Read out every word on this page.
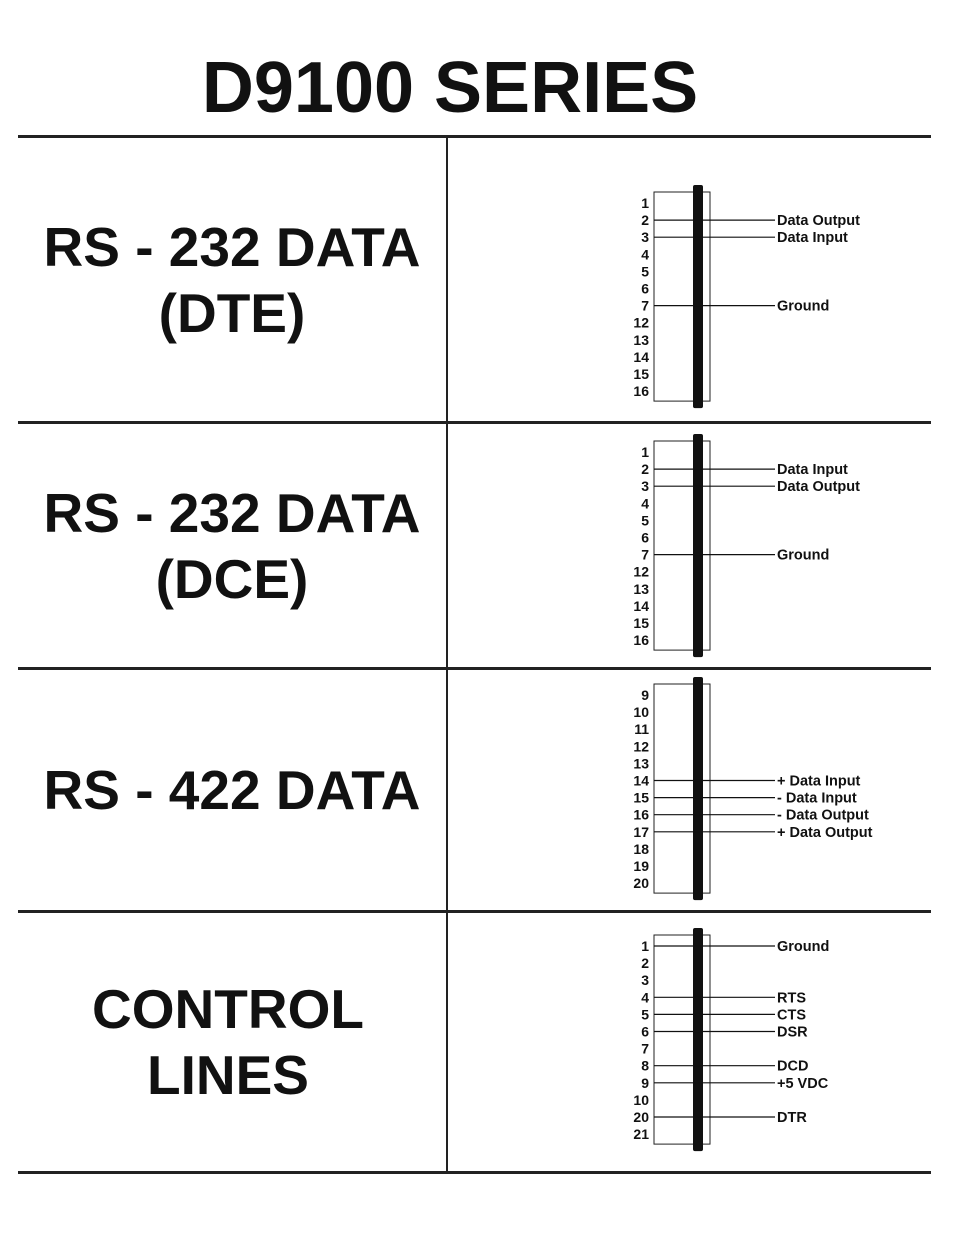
D9100 SERIES
RS - 232 DATA
(DTE)
RS - 232 DATA
(DCE)
RS - 422 DATA
CONTROL
LINES
1
2
3
4
5
6
7
12
13
14
15
16
Data Output
Data Input
Ground
1
2
3
4
5
6
7
12
13
14
15
16
Data Input
Data Output
Ground
9
10
11
12
13
14
15
16
17
18
19
20
+ Data Input
- Data Input
- Data Output
+ Data Output
1
2
3
4
5
6
7
8
9
10
20
21
Ground
RTS
CTS
DSR
DCD
+5 VDC
DTR
